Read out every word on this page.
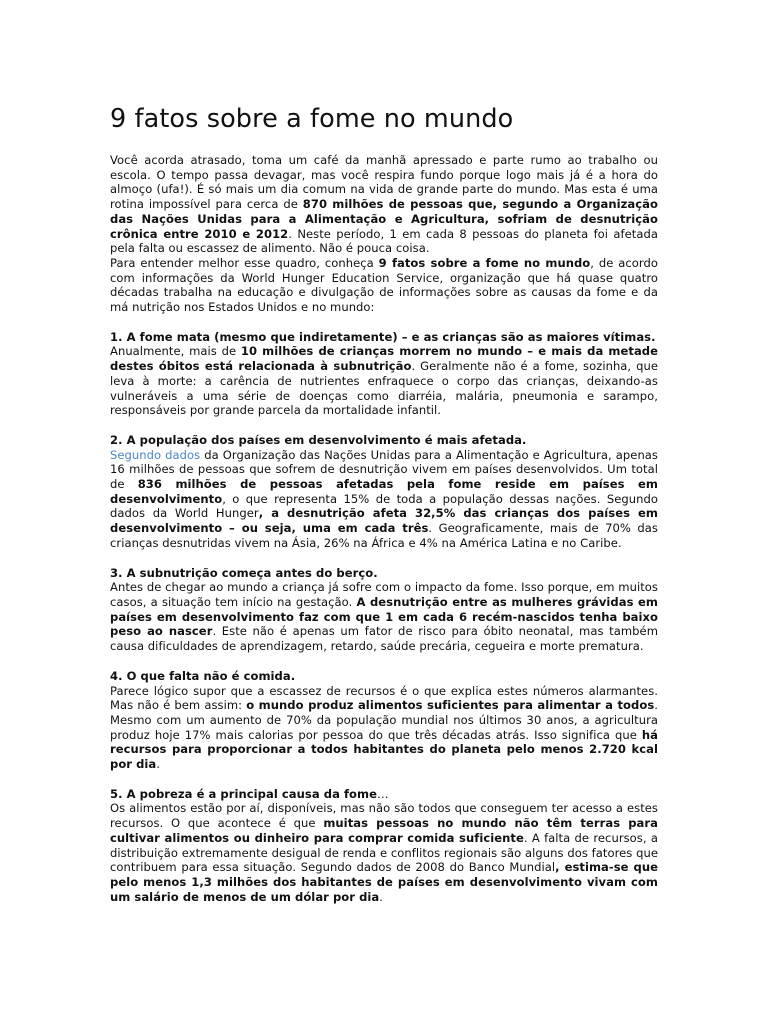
9 fatos sobre a fome no mundo

Você acorda atrasado, toma um café da manhã apressado e parte rumo ao trabalho ou escola. O tempo passa devagar, mas você respira fundo porque logo mais já é a hora do almoço (ufa!). É só mais um dia comum na vida de grande parte do mundo. Mas esta é uma rotina impossível para cerca de 870 milhões de pessoas que, segundo a Organização das Nações Unidas para a Alimentação e Agricultura, sofriam de desnutrição crônica entre 2010 e 2012. Neste período, 1 em cada 8 pessoas do planeta foi afetada pela falta ou escassez de alimento. Não é pouca coisa.

Para entender melhor esse quadro, conheça 9 fatos sobre a fome no mundo, de acordo com informações da World Hunger Education Service, organização que há quase quatro décadas trabalha na educação e divulgação de informações sobre as causas da fome e da má nutrição nos Estados Unidos e no mundo:

1. A fome mata (mesmo que indiretamente) – e as crianças são as maiores vítimas.

Anualmente, mais de 10 milhões de crianças morrem no mundo – e mais da metade destes óbitos está relacionada à subnutrição. Geralmente não é a fome, sozinha, que leva à morte: a carência de nutrientes enfraquece o corpo das crianças, deixando-as vulneráveis a uma série de doenças como diarréia, malária, pneumonia e sarampo, responsáveis por grande parcela da mortalidade infantil.

2. A população dos países em desenvolvimento é mais afetada.

Segundo dados da Organização das Nações Unidas para a Alimentação e Agricultura, apenas 16 milhões de pessoas que sofrem de desnutrição vivem em países desenvolvidos. Um total de 836 milhões de pessoas afetadas pela fome reside em países em desenvolvimento, o que representa 15% de toda a população dessas nações. Segundo dados da World Hunger, a desnutrição afeta 32,5% das crianças dos países em desenvolvimento – ou seja, uma em cada três. Geograficamente, mais de 70% das crianças desnutridas vivem na Ásia, 26% na África e 4% na América Latina e no Caribe.

3. A subnutrição começa antes do berço.

Antes de chegar ao mundo a criança já sofre com o impacto da fome. Isso porque, em muitos casos, a situação tem início na gestação. A desnutrição entre as mulheres grávidas em países em desenvolvimento faz com que 1 em cada 6 recém-nascidos tenha baixo peso ao nascer. Este não é apenas um fator de risco para óbito neonatal, mas também causa dificuldades de aprendizagem, retardo, saúde precária, cegueira e morte prematura.

4. O que falta não é comida.

Parece lógico supor que a escassez de recursos é o que explica estes números alarmantes. Mas não é bem assim: o mundo produz alimentos suficientes para alimentar a todos. Mesmo com um aumento de 70% da população mundial nos últimos 30 anos, a agricultura produz hoje 17% mais calorias por pessoa do que três décadas atrás. Isso significa que há recursos para proporcionar a todos habitantes do planeta pelo menos 2.720 kcal por dia.

5. A pobreza é a principal causa da fome…

Os alimentos estão por aí, disponíveis, mas não são todos que conseguem ter acesso a estes recursos. O que acontece é que muitas pessoas no mundo não têm terras para cultivar alimentos ou dinheiro para comprar comida suficiente. A falta de recursos, a distribuição extremamente desigual de renda e conflitos regionais são alguns dos fatores que contribuem para essa situação. Segundo dados de 2008 do Banco Mundial, estima-se que pelo menos 1,3 milhões dos habitantes de países em desenvolvimento vivam com um salário de menos de um dólar por dia.
